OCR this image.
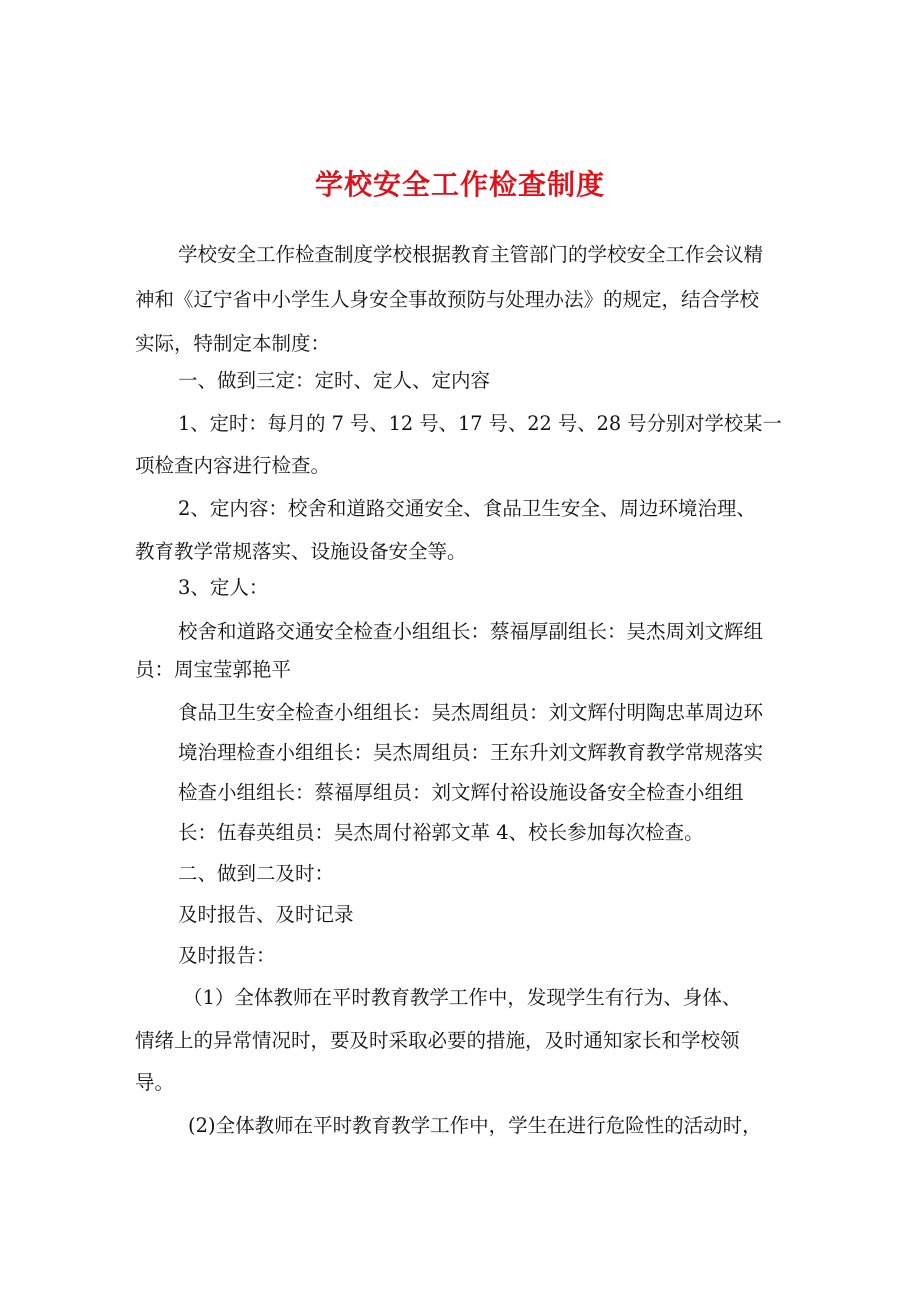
学校安全工作检查制度
学校安全工作检查制度学校根据教育主管部门的学校安全工作会议精
神和《辽宁省中小学生人身安全事故预防与处理办法》的规定，结合学校
实际，特制定本制度：
一、做到三定：定时、定人、定内容
1、定时：每月的 7 号、12 号、17 号、22 号、28 号分别对学校某一
项检查内容进行检查。
2、定内容：校舍和道路交通安全、食品卫生安全、周边环境治理、
教育教学常规落实、设施设备安全等。
3、定人：
校舍和道路交通安全检查小组组长：蔡福厚副组长：吴杰周刘文辉组
员：周宝莹郭艳平
食品卫生安全检查小组组长：吴杰周组员：刘文辉付明陶忠革周边环
境治理检查小组组长：吴杰周组员：王东升刘文辉教育教学常规落实
检查小组组长：蔡福厚组员：刘文辉付裕设施设备安全检查小组组
长：伍春英组员：吴杰周付裕郭文革 4、校长参加每次检查。
二、做到二及时：
及时报告、及时记录
及时报告：
（1）全体教师在平时教育教学工作中，发现学生有行为、身体、
情绪上的异常情况时，要及时采取必要的措施，及时通知家长和学校领
导。
(2)全体教师在平时教育教学工作中，学生在进行危险性的活动时，
